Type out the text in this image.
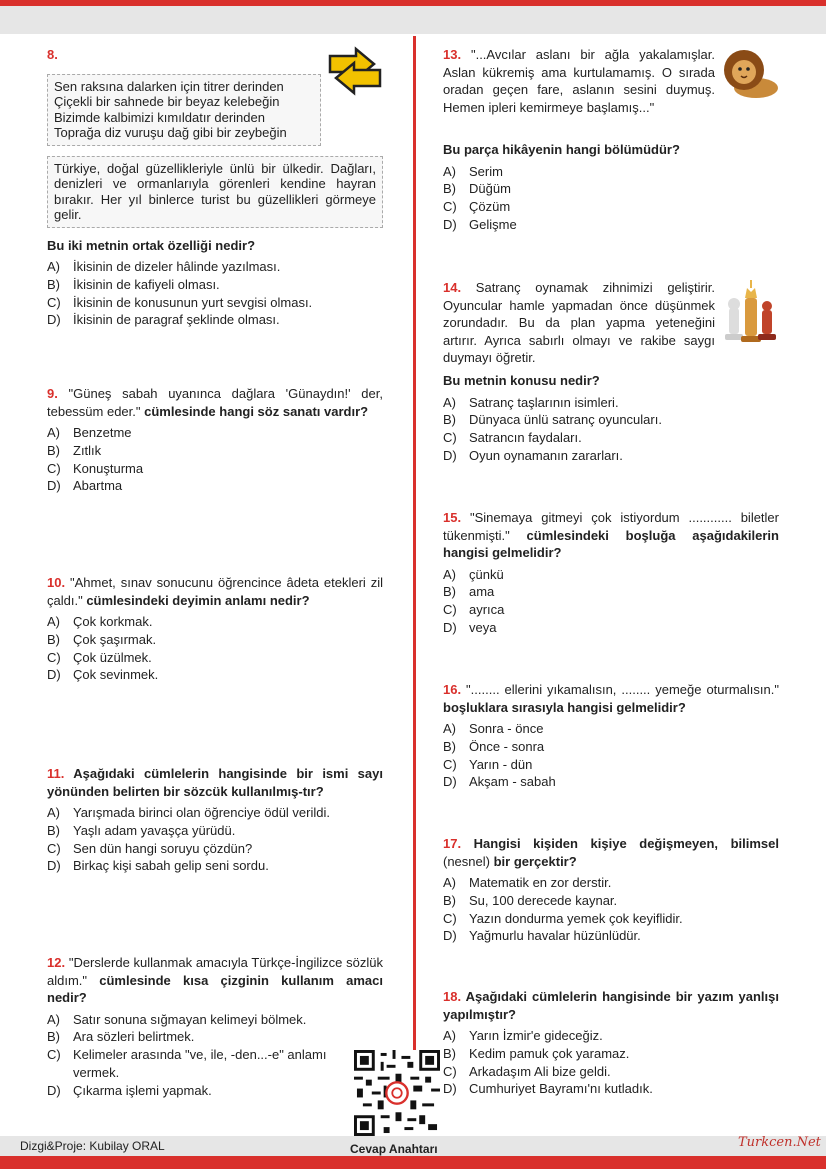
8.
Sen raksına dalarken için titrer derinden
Çiçekli bir sahnede bir beyaz kelebeğin
Bizimde kalbimizi kımıldatır derinden
Toprağa diz vuruşu dağ gibi bir zeybeğin
Türkiye, doğal güzellikleriyle ünlü bir ülkedir. Dağları, denizleri ve ormanlarıyla görenleri kendine hayran bırakır. Her yıl binlerce turist bu güzellikleri görmeye gelir.
Bu iki metnin ortak özelliği nedir?
A)	İkisinin de dizeler hâlinde yazılması.
B)	İkisinin de kafiyeli olması.
C) İkisinin de konusunun yurt sevgisi olması.
D) İkisinin de paragraf şeklinde olması.
9. "Güneş sabah uyanınca dağlara 'Günaydın!' der, tebessüm eder." cümlesinde hangi söz sanatı vardır?
A)	Benzetme
B)	Zıtlık
C) Konuşturma
D) Abartma
10. "Ahmet, sınav sonucunu öğrencince âdeta etekleri zil çaldı." cümlesindeki deyimin anlamı nedir?
A)	Çok korkmak.
B)	Çok şaşırmak.
C) Çok üzülmek.
D) Çok sevinmek.
11. Aşağıdaki cümlelerin hangisinde bir ismi sayı yönünden belirten bir sözcük kullanılmış-tır?
A)	Yarışmada birinci olan öğrenciye ödül verildi.
B)	Yaşlı adam yavaşça yürüdü.
C) Sen dün hangi soruyu çözdün?
D) Birkaç kişi sabah gelip seni sordu.
12. "Derslerde kullanmak amacıyla Türkçe-İngilizce sözlük aldım." cümlesinde kısa çizginin kullanım amacı nedir?
A)	Satır sonuna sığmayan kelimeyi bölmek.
B)	Ara sözleri belirtmek.
C) Kelimeler arasında "ve, ile, -den...-e" anlamı vermek.
D) Çıkarma işlemi yapmak.
13. "...Avcılar aslanı bir ağla yakalamışlar. Aslan kükremiş ama kurtulamamış. O sırada oradan geçen fare, aslanın sesini duymuş. Hemen ipleri kemirmeye başlamış..."
Bu parça hikâyenin hangi bölümüdür?
A)	Serim
B)	Düğüm
C) Çözüm
D) Gelişme
14. Satranç oynamak zihnimizi geliştirir. Oyuncular hamle yapmadan önce düşünmek zorundadır. Bu da plan yapma yeteneğini artırır. Ayrıca sabırlı olmayı ve rakibe saygı duymayı öğretir.
Bu metnin konusu nedir?
A)	Satranç taşlarının isimleri.
B)	Dünyaca ünlü satranç oyuncuları.
C) Satrancın faydaları.
D) Oyun oynamanın zararları.
15. "Sinemaya gitmeyi çok istiyordum ............ biletler tükenmişti." cümlesindeki boşluğa aşağıdakilerin hangisi gelmelidir?
A)	çünkü
B)	ama
C) ayrıca
D) veya
16. "........ ellerini yıkamalısın, ........ yemeğe oturmalısın." boşluklara sırasıyla hangisi gelmelidir?
A)	Sonra - önce
B)	Önce - sonra
C) Yarın - dün
D) Akşam - sabah
17. Hangisi kişiden kişiye değişmeyen, bilimsel (nesnel) bir gerçektir?
A)	Matematik en zor derstir.
B)	Su, 100 derecede kaynar.
C) Yazın dondurma yemek çok keyiflidir.
D) Yağmurlu havalar hüzünlüdür.
18. Aşağıdaki cümlelerin hangisinde bir yazım yanlışı yapılmıştır?
A)	Yarın İzmir'e gideceğiz.
B)	Kedim pamuk çok yaramaz.
C) Arkadaşım Ali bize geldi.
D) Cumhuriyet Bayramı'nı kutladık.
Dizgi&Proje: Kubilay ORAL	Cevap Anahtarı	Turkcen.Net
